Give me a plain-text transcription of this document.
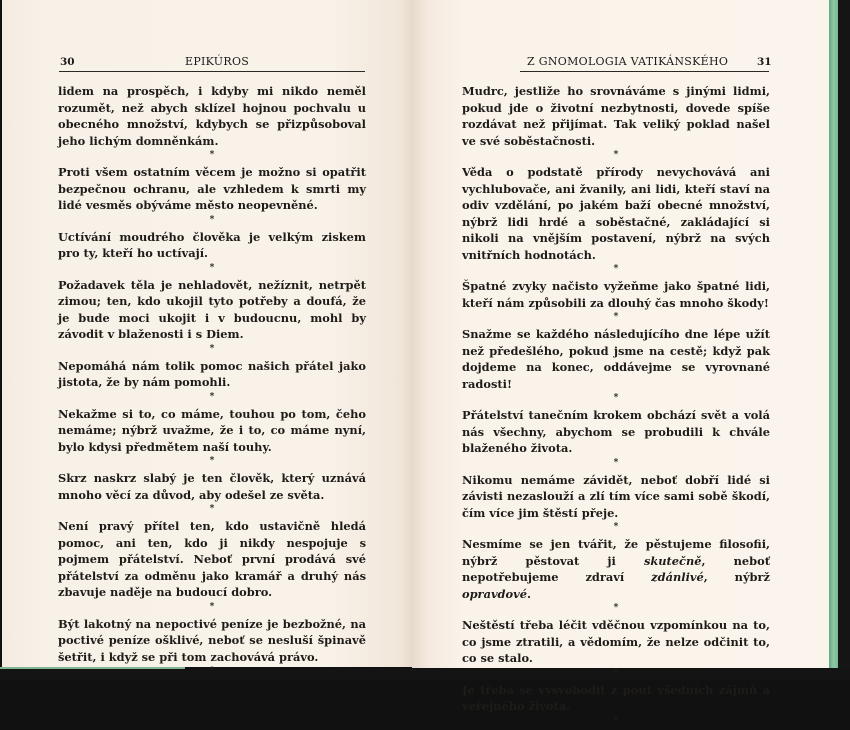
30	EPIKÚROS	Z GNOMOLOGIA VATIKÁNSKÉHO	31

lidem na prospěch, i kdyby mi nikdo neměl rozumět, než abych sklízel hojnou pochvalu u obecného množství, kdybych se přizpůsoboval jeho lichým domněnkám.

*

Proti všem ostatním věcem je možno si opatřit bezpečnou ochranu, ale vzhledem k smrti my lidé vesměs obýváme město neopevněné.

*

Uctívání moudrého člověka je velkým ziskem pro ty, kteří ho uctívají.

*

Požadavek těla je nehladovět, nežíznit, netrpět zimou; ten, kdo ukojil tyto potřeby a doufá, že je bude moci ukojit i v budoucnu, mohl by závodit v blaženosti i s Diem.

*

Nepomáhá nám tolik pomoc našich přátel jako jistota, že by nám pomohli.

*

Nekažme si to, co máme, touhou po tom, čeho nemáme; nýbrž uvažme, že i to, co máme nyní, bylo kdysi předmětem naší touhy.

*

Skrz naskrz slabý je ten člověk, který uznává mnoho věcí za důvod, aby odešel ze světa.

*

Není pravý přítel ten, kdo ustavičně hledá pomoc, ani ten, kdo ji nikdy nespojuje s pojmem přátelství. Neboť první prodává své přátelství za odměnu jako kramář a druhý nás zbavuje naděje na budoucí dobro.

*

Být lakotný na nepoctivé peníze je bezbožné, na poctivé peníze ošklivé, neboť se nesluší špinavě šetřit, i když se při tom zachovává právo.

*

Mudrc, jestliže ho srovnáváme s jinými lidmi, pokud jde o životní nezbytnosti, dovede spíše rozdávat než přijímat. Tak veliký poklad našel ve své soběstačnosti.

*

Věda o podstatě přírody nevychovává ani vychlubovače, ani žvanily, ani lidi, kteří staví na odiv vzdělání, po jakém baží obecné množství, nýbrž lidi hrdé a soběstačné, zakládající si nikoli na vnějším postavení, nýbrž na svých vnitřních hodnotách.

*

Špatné zvyky načisto vyžeňme jako špatné lidi, kteří nám způsobili za dlouhý čas mnoho škody!

*

Snažme se každého následujícího dne lépe užít než předešlého, pokud jsme na cestě; když pak dojdeme na konec, oddávejme se vyrovnané radosti!

*

Přátelství tanečním krokem obchází svět a volá nás všechny, abychom se probudili k chvále blaženého života.

*

Nikomu nemáme závidět, neboť dobří lidé si závisti nezaslouží a zlí tím více sami sobě škodí, čím více jim štěstí přeje.

*

Nesmíme se jen tvářit, že pěstujeme filosofii, nýbrž pěstovat ji skutečně, neboť nepotřebujeme zdraví zdánlivé, nýbrž opravdové.

*

Neštěstí třeba léčit vděčnou vzpomínkou na to, co jsme ztratili, a vědomím, že nelze odčinit to, co se stalo.

*

Je třeba se vysvobodit z pout všedních zájmů a veřejného života.

*
